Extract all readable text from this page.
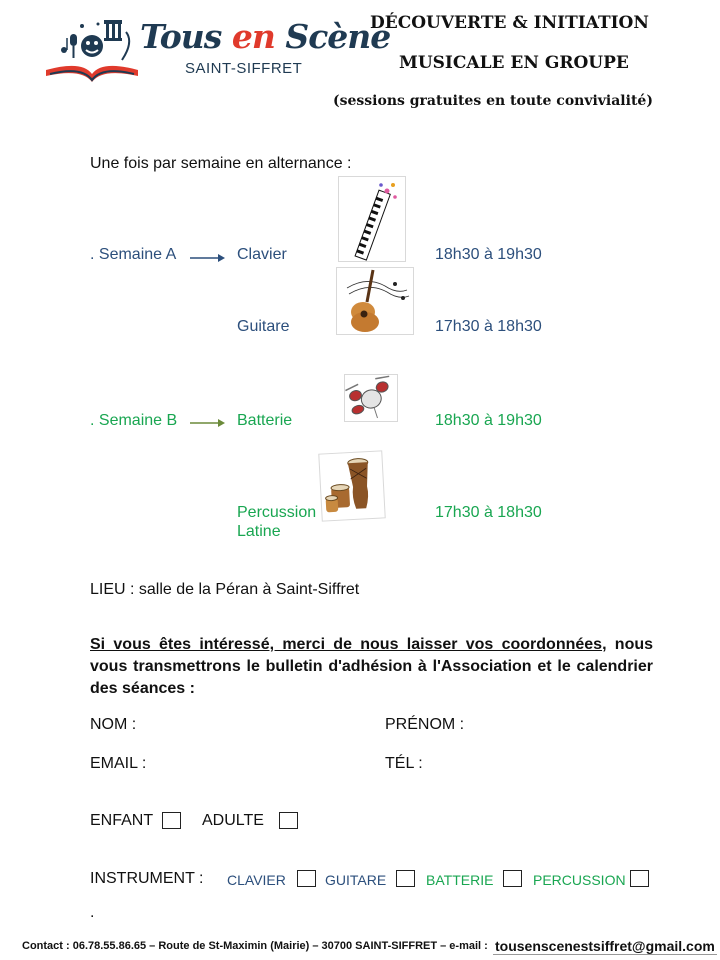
Tous en Scène
SAINT-SIFFRET
DÉCOUVERTE & INITIATION
MUSICALE EN GROUPE
(sessions gratuites en toute convivialité)
Une fois par semaine en alternance :
. Semaine A	Clavier	18h30 à 19h30
Guitare	17h30 à 18h30
. Semaine B	Batterie	18h30 à 19h30
Percussion
Latine
17h30 à 18h30
LIEU : salle de la Péran à Saint-Siffret
Si vous êtes intéressé, merci de nous laisser vos coordonnées, nous vous transmettrons le bulletin d'adhésion à l'Association et le calendrier des séances :
NOM :	PRÉNOM :
EMAIL :	TÉL :
ENFANT	ADULTE
INSTRUMENT : CLAVIER	GUITARE	BATTERIE	PERCUSSION
.
Contact : 06.78.55.86.65 – Route de St-Maximin (Mairie) – 30700 SAINT-SIFFRET – e-mail : tousenscenestsiffret@gmail.com
